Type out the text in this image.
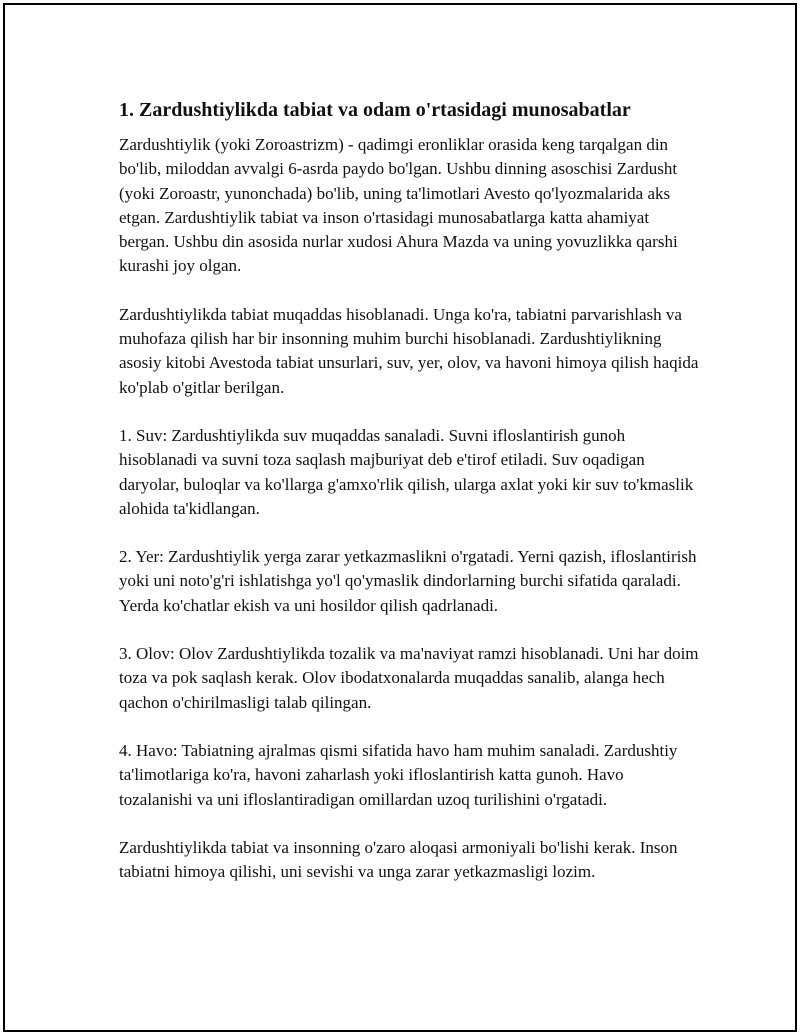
1. Zardushtiylikda tabiat va odam o'rtasidagi munosabatlar

Zardushtiylik (yoki Zoroastrizm) - qadimgi eronliklar orasida keng tarqalgan din bo'lib, miloddan avvalgi 6-asrda paydo bo'lgan. Ushbu dinning asoschisi Zardusht (yoki Zoroastr, yunonchada) bo'lib, uning ta'limotlari Avesto qo'lyozmalarida aks etgan. Zardushtiylik tabiat va inson o'rtasidagi munosabatlarga katta ahamiyat bergan. Ushbu din asosida nurlar xudosi Ahura Mazda va uning yovuzlikka qarshi kurashi joy olgan.

Zardushtiylikda tabiat muqaddas hisoblanadi. Unga ko'ra, tabiatni parvarishlash va muhofaza qilish har bir insonning muhim burchi hisoblanadi. Zardushtiylikning asosiy kitobi Avestoda tabiat unsurlari, suv, yer, olov, va havoni himoya qilish haqida ko'plab o'gitlar berilgan.

1. Suv: Zardushtiylikda suv muqaddas sanaladi. Suvni ifloslantirish gunoh hisoblanadi va suvni toza saqlash majburiyat deb e'tirof etiladi. Suv oqadigan daryolar, buloqlar va ko'llarga g'amxo'rlik qilish, ularga axlat yoki kir suv to'kmaslik alohida ta'kidlangan.

2. Yer: Zardushtiylik yerga zarar yetkazmaslikni o'rgatadi. Yerni qazish, ifloslantirish yoki uni noto'g'ri ishlatishga yo'l qo'ymaslik dindorlarning burchi sifatida qaraladi. Yerda ko'chatlar ekish va uni hosildor qilish qadrlanadi.

3. Olov: Olov Zardushtiylikda tozalik va ma'naviyat ramzi hisoblanadi. Uni har doim toza va pok saqlash kerak. Olov ibodatxonalarda muqaddas sanalib, alanga hech qachon o'chirilmasligi talab qilingan.

4. Havo: Tabiatning ajralmas qismi sifatida havo ham muhim sanaladi. Zardushtiy ta'limotlariga ko'ra, havoni zaharlash yoki ifloslantirish katta gunoh. Havo tozalanishi va uni ifloslantiradigan omillardan uzoq turilishini o'rgatadi.

Zardushtiylikda tabiat va insonning o'zaro aloqasi armoniyali bo'lishi kerak. Inson tabiatni himoya qilishi, uni sevishi va unga zarar yetkazmasligi lozim.
